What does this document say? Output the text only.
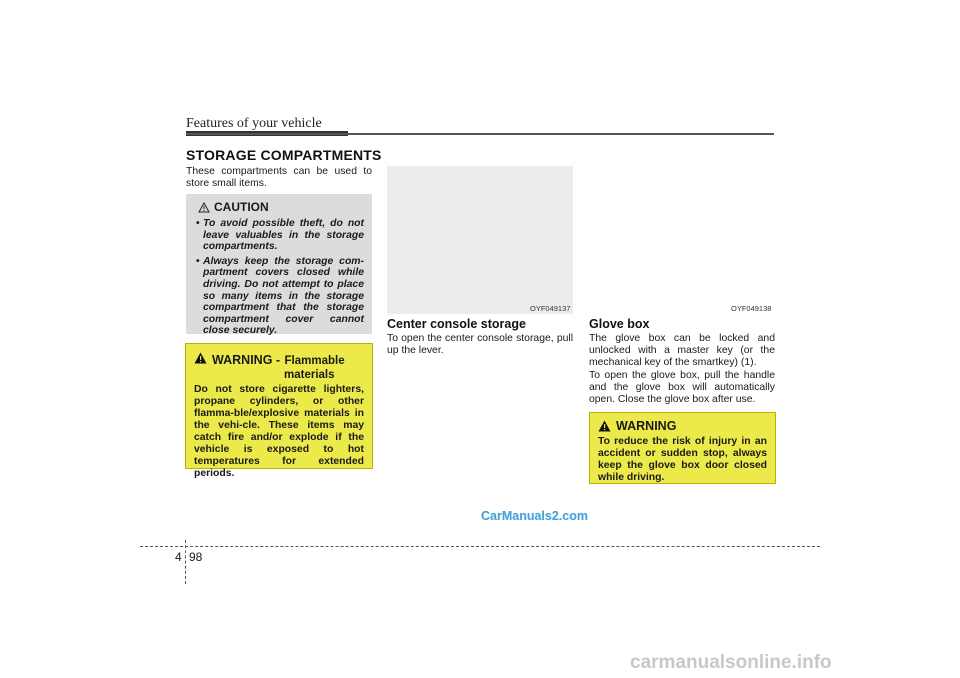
Features of your vehicle
STORAGE COMPARTMENTS
These compartments can be used to store small items.
CAUTION
• To avoid possible theft, do not leave valuables in the storage compartments.
• Always keep the storage com-partment covers closed while driving. Do not attempt to place so many items in the storage compartment that the storage compartment cover cannot close securely.
WARNING - Flammable
materials
Do not store cigarette lighters, propane cylinders, or other flamma-ble/explosive materials in the vehi-cle. These items may catch fire and/or explode if the vehicle is exposed to hot temperatures for extended periods.
OYF049137
Center console storage
To open the center console storage, pull up the lever.
OYF049138
Glove box
The glove box can be locked and unlocked with a master key (or the mechanical key of the smartkey) (1).
To open the glove box, pull the handle and the glove box will automatically open. Close the glove box after use.
WARNING
To reduce the risk of injury in an accident or sudden stop, always keep the glove box door closed while driving.
CarManuals2.com
4 98
carmanualsonline.info
